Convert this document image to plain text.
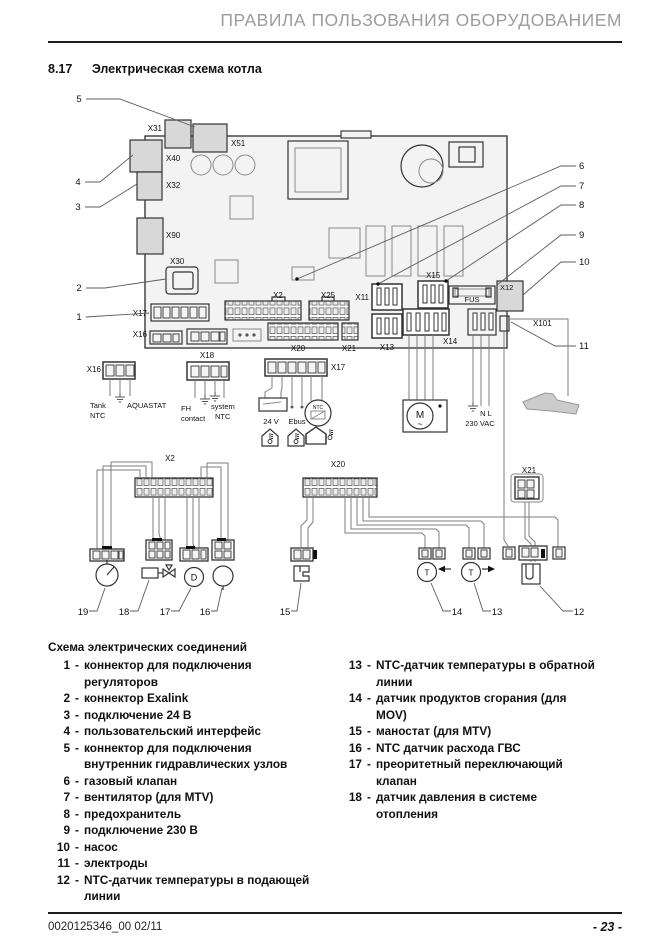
ПРАВИЛА ПОЛЬЗОВАНИЯ ОБОРУДОВАНИЕМ
8.17 Электрическая схема котла
X31
X51
X40
X32
X90
X30
X17
X16
X2	X25
X20	X21
X11
X13
X15
X14
FUS
X12
X101
5
4
3
2
1
6
7
8
9
10
11
X16
Tank
NTC
AQUASTAT
X18
FH
contact
system
NTC
X17
24 V Ebus
NTC
M
~
N L
230 VAC
X2
D
X20
T	T
X21
19	18	17	16	15	14	13	12
Схема электрических соединений
1 - коннектор для подключения регуляторов
2 - коннектор Exalink
3 - подключение 24 В
4 - пользовательский интерфейс
5 - коннектор для подключения внутренник гидравлических узлов
6 - газовый клапан
7 - вентилятор (для MTV)
8 - предохранитель
9 - подключение 230 В
10 - насос
11 - электроды
12 - NTC-датчик температуры в подающей линии
13 - NTC-датчик температуры в обратной линии
14 - датчик продуктов сгорания (для MOV)
15 - маностат (для MTV)
16 - NTC датчик расхода ГВС
17 - преоритетный переключающий клапан
18 - датчик давления в системе отопления
0020125346_00 02/11	- 23 -
